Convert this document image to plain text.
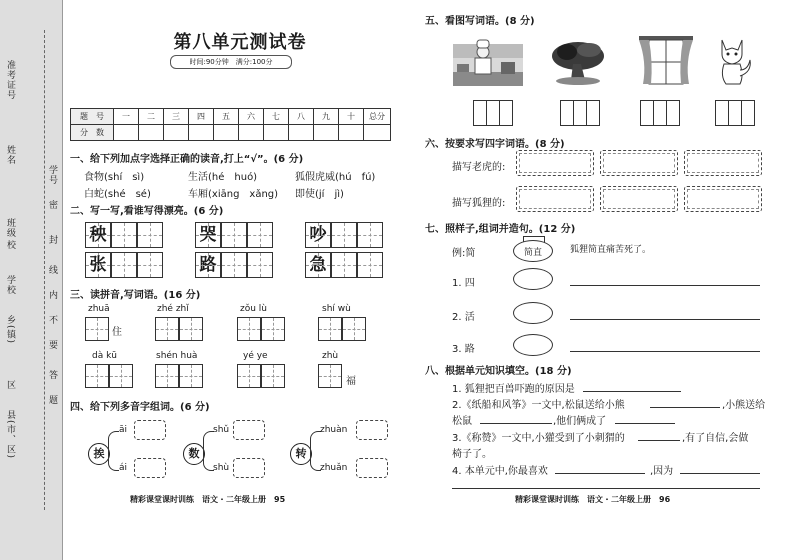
准考证号
姓名
学号
班级
校
学校
乡(镇)
区
县(市、区)
密
封
线
内
不
要
答
题
第八单元测试卷
时间:90分钟　满分:100分
题　号	一	二	三	四	五	六	七	八	九	十	总分
分　数											
一、给下列加点字选择正确的读音,打上“√”。(6 分)
食物(shí　sì)	生活(hé　huó)	狐假虎威(hú　fú)
白蛇(shé　sé)	车厢(xiāng　xǎng) 即使(jí　jì)
二、写一写,看谁写得漂亮。(6 分)
秧	哭	吵
张	路	急
三、读拼音,写词语。(16 分)
zhuā	zhé zhǐ	zǒu lù	shí wù
住
dà kū	shén huà	yé ye	zhù
福
四、给下列多音字组词。(6 分)
挨
āi
ái
数
shǔ
shù
转
zhuàn
zhuǎn
精彩课堂课时训练　语文・二年级上册　95
五、看图写词语。(8 分)
六、按要求写四字词语。(8 分)
描写老虎的:
描写狐狸的:
七、照样子,组词并造句。(12 分)
例:简	简直	狐狸简直痛苦死了。
1. 四
2. 活
3. 路
八、根据单元知识填空。(18 分)
1. 狐狸把百兽吓跑的原因是
2.《纸船和风筝》一文中,松鼠送给小熊	,小熊送给
松鼠	,他们俩成了
3.《称赞》一文中,小獾受到了小刺猬的	,有了自信,会做
椅子了。
4. 本单元中,你最喜欢	,因为
精彩课堂课时训练　语文・二年级上册　96
